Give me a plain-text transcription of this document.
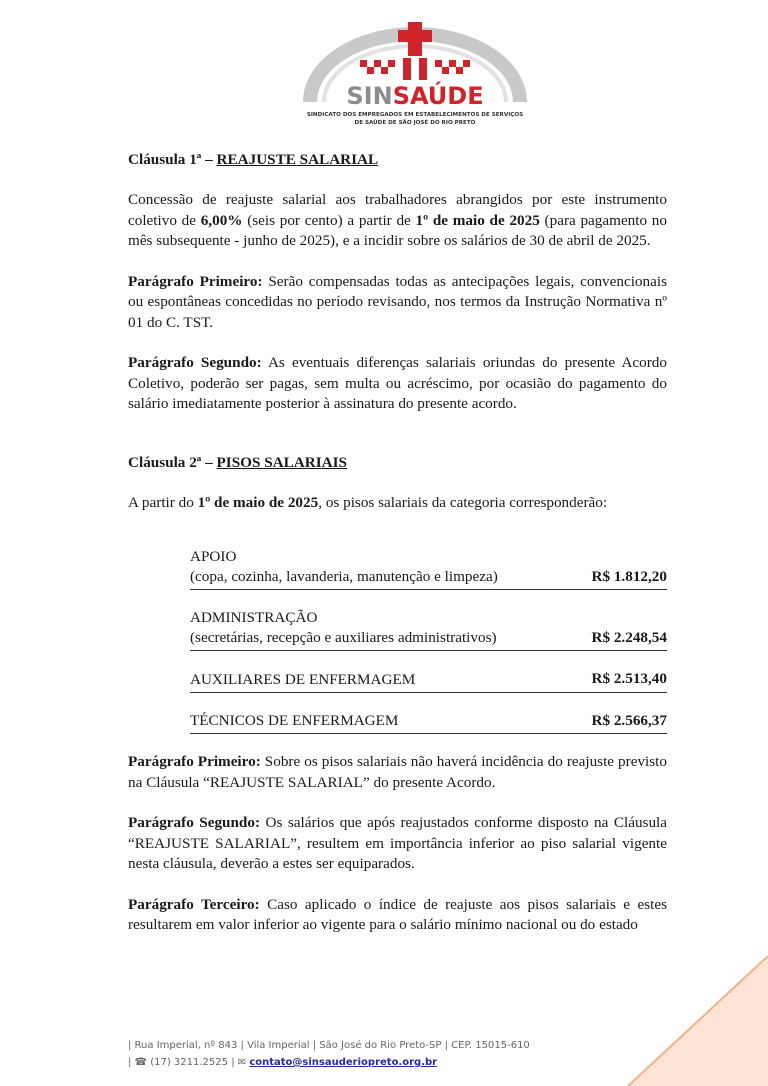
SINSAÚDE
SINDICATO DOS EMPREGADOS EM ESTABELECIMENTOS DE SERVIÇOS
DE SAÚDE DE SÃO JOSÉ DO RIO PRETO
Cláusula 1ª – REAJUSTE SALARIAL

Concessão de reajuste salarial aos trabalhadores abrangidos por este instrumento coletivo de 6,00% (seis por cento) a partir de 1º de maio de 2025 (para pagamento no mês subsequente - junho de 2025), e a incidir sobre os salários de 30 de abril de 2025.

Parágrafo Primeiro: Serão compensadas todas as antecipações legais, convencionais ou espontâneas concedidas no período revisando, nos termos da Instrução Normativa nº 01 do C. TST.

Parágrafo Segundo: As eventuais diferenças salariais oriundas do presente Acordo Coletivo, poderão ser pagas, sem multa ou acréscimo, por ocasião do pagamento do salário imediatamente posterior à assinatura do presente acordo.

Cláusula 2ª – PISOS SALARIAIS

A partir do 1º de maio de 2025, os pisos salariais da categoria corresponderão:

APOIO
(copa, cozinha, lavanderia, manutenção e limpeza)	R$ 1.812,20
ADMINISTRAÇÃO
(secretárias, recepção e auxiliares administrativos)	R$ 2.248,54
AUXILIARES DE ENFERMAGEM	R$ 2.513,40
TÉCNICOS DE ENFERMAGEM	R$ 2.566,37

Parágrafo Primeiro: Sobre os pisos salariais não haverá incidência do reajuste previsto na Cláusula “REAJUSTE SALARIAL” do presente Acordo.

Parágrafo Segundo: Os salários que após reajustados conforme disposto na Cláusula “REAJUSTE SALARIAL”, resultem em importância inferior ao piso salarial vigente nesta cláusula, deverão a estes ser equiparados.

Parágrafo Terceiro: Caso aplicado o índice de reajuste aos pisos salariais e estes resultarem em valor inferior ao vigente para o salário mínimo nacional ou do estado

| Rua Imperial, nº 843 | Vila Imperial | São José do Rio Preto-SP | CEP. 15015-610
| ☎ (17) 3211.2525 | ✉ contato@sinsauderiopreto.org.br
